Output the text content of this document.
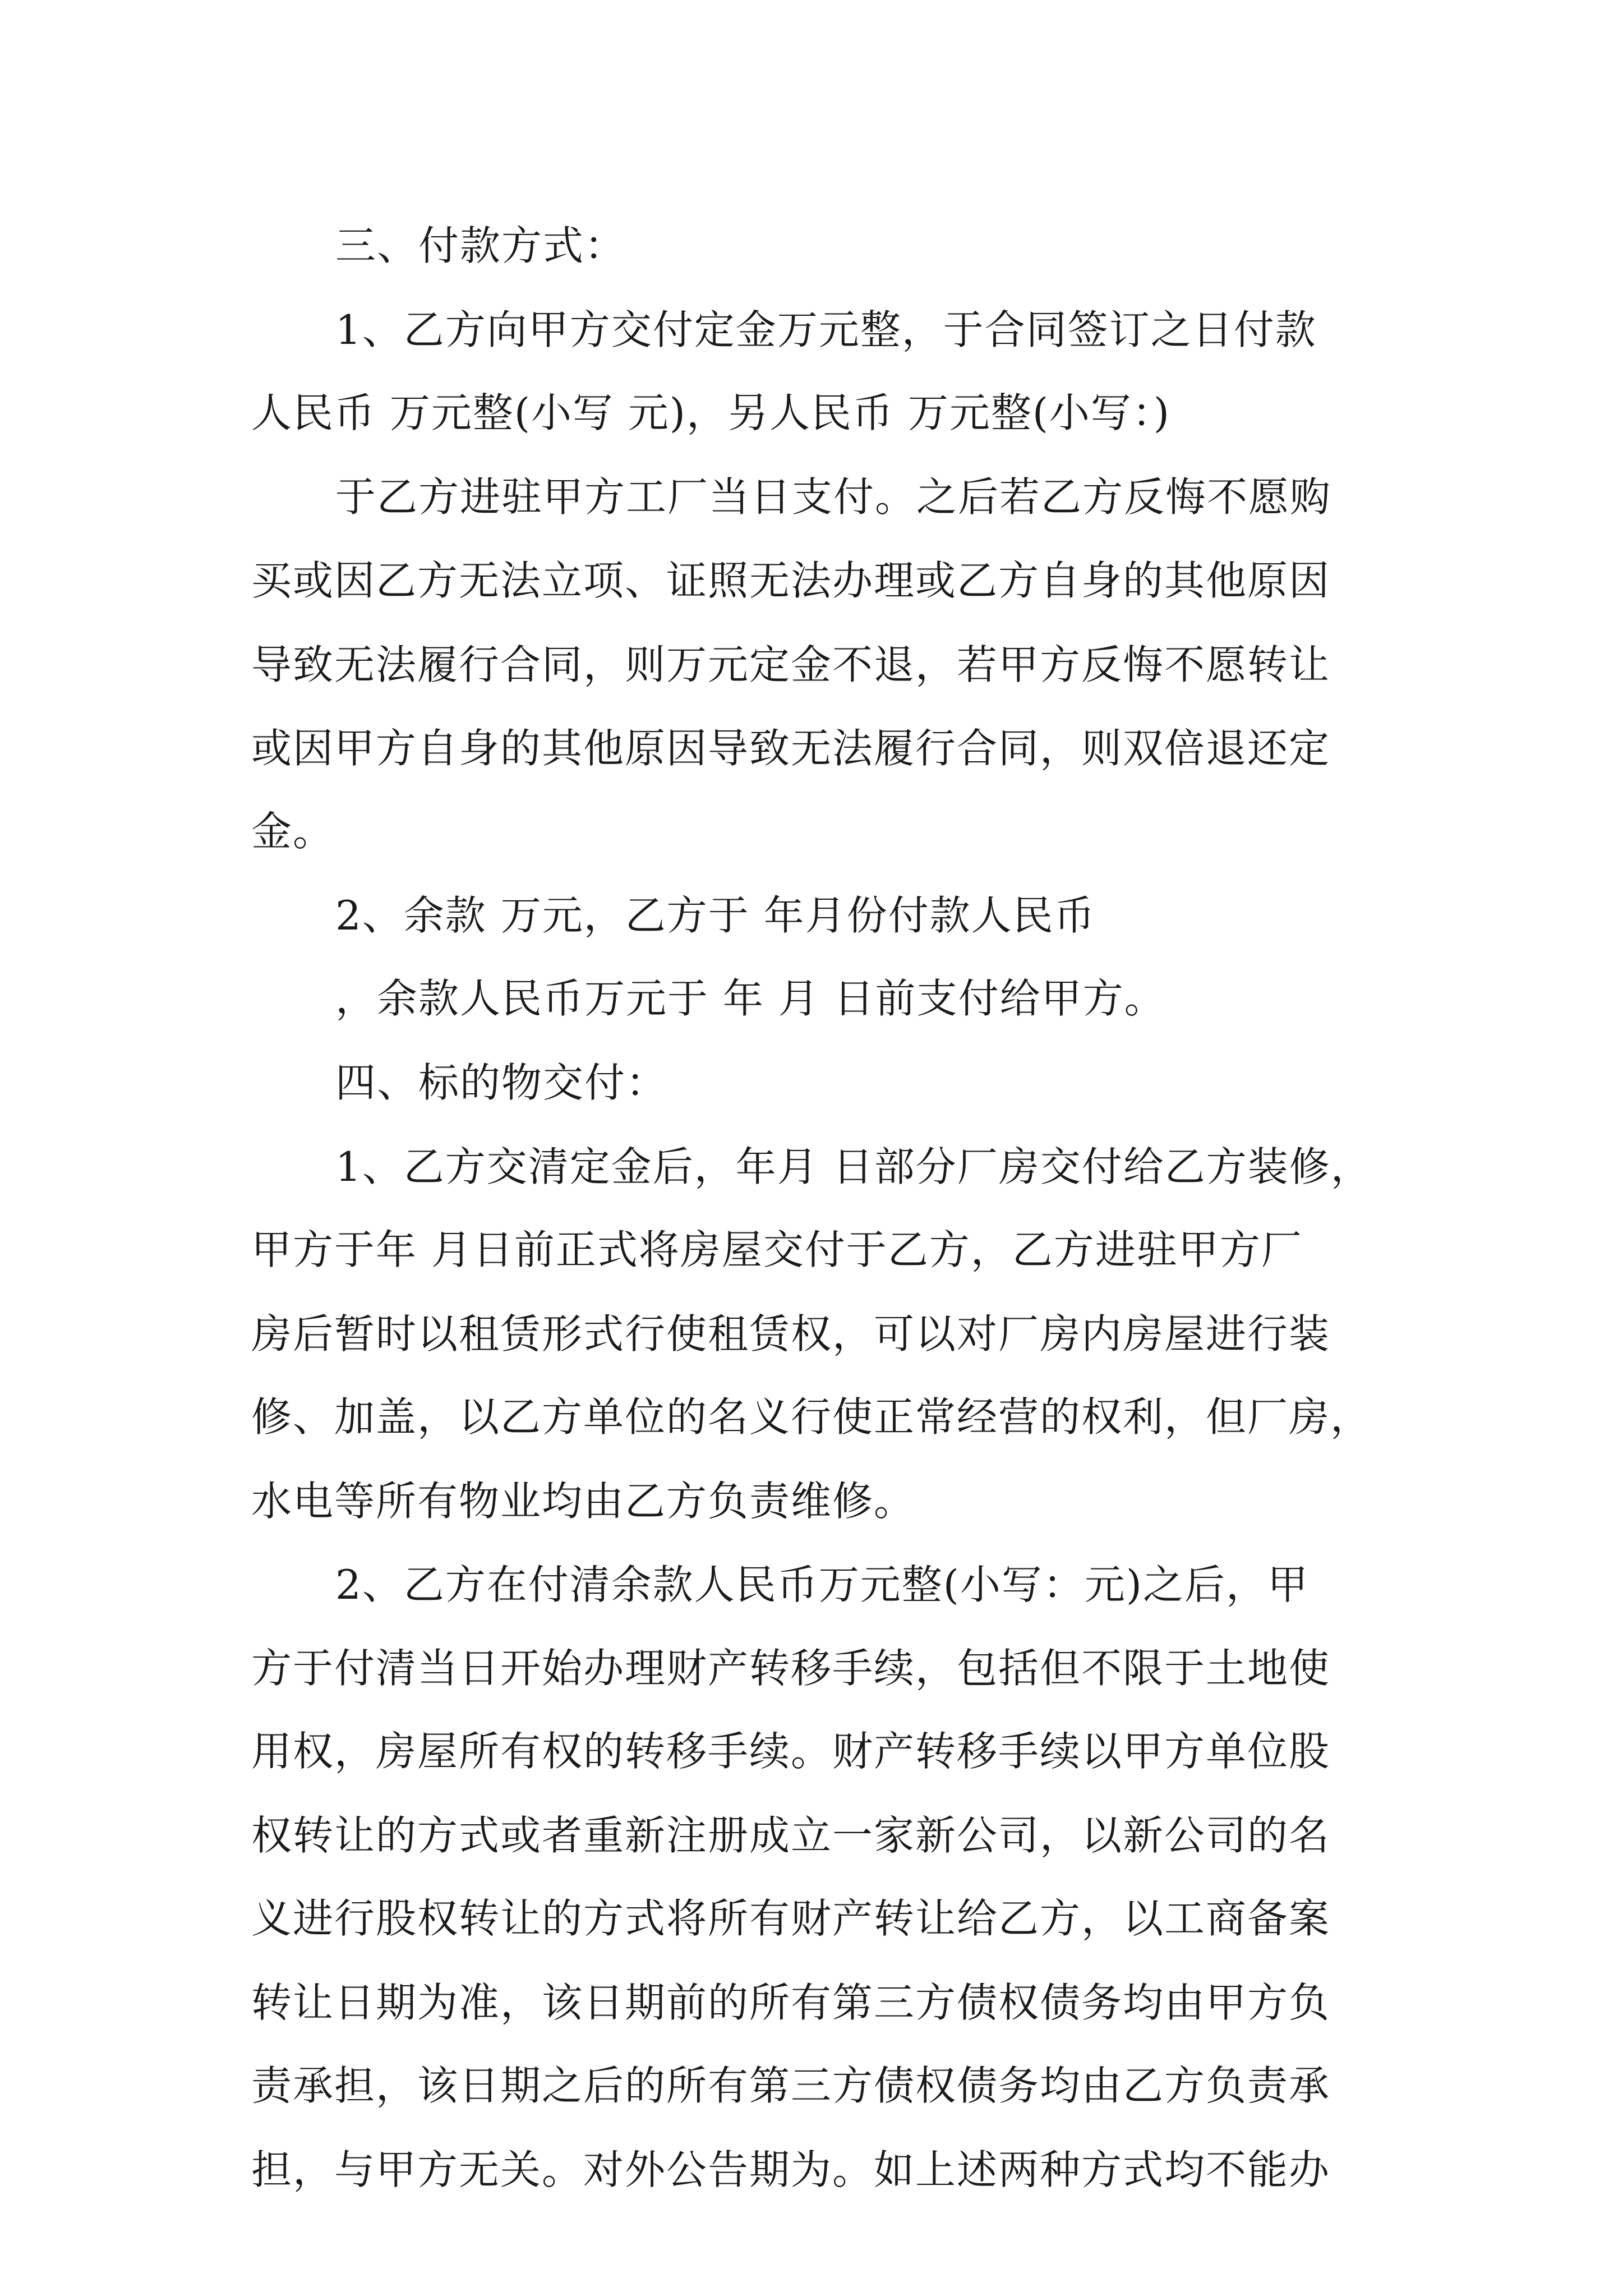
三、付款方式：
1、乙方向甲方交付定金万元整，于合同签订之日付款
人民币 万元整(小写 元)，另人民币 万元整(小写：)
于乙方进驻甲方工厂当日支付。之后若乙方反悔不愿购
买或因乙方无法立项、证照无法办理或乙方自身的其他原因
导致无法履行合同，则万元定金不退，若甲方反悔不愿转让
或因甲方自身的其他原因导致无法履行合同，则双倍退还定
金。
2、余款 万元，乙方于 年月份付款人民币
，余款人民币万元于 年 月 日前支付给甲方。
四、标的物交付：
1、乙方交清定金后，年月 日部分厂房交付给乙方装修，
甲方于年 月日前正式将房屋交付于乙方，乙方进驻甲方厂
房后暂时以租赁形式行使租赁权，可以对厂房内房屋进行装
修、加盖，以乙方单位的名义行使正常经营的权利，但厂房，
水电等所有物业均由乙方负责维修。
2、乙方在付清余款人民币万元整(小写：元)之后，甲
方于付清当日开始办理财产转移手续，包括但不限于土地使
用权，房屋所有权的转移手续。财产转移手续以甲方单位股
权转让的方式或者重新注册成立一家新公司，以新公司的名
义进行股权转让的方式将所有财产转让给乙方，以工商备案
转让日期为准，该日期前的所有第三方债权债务均由甲方负
责承担，该日期之后的所有第三方债权债务均由乙方负责承
担，与甲方无关。对外公告期为。如上述两种方式均不能办
